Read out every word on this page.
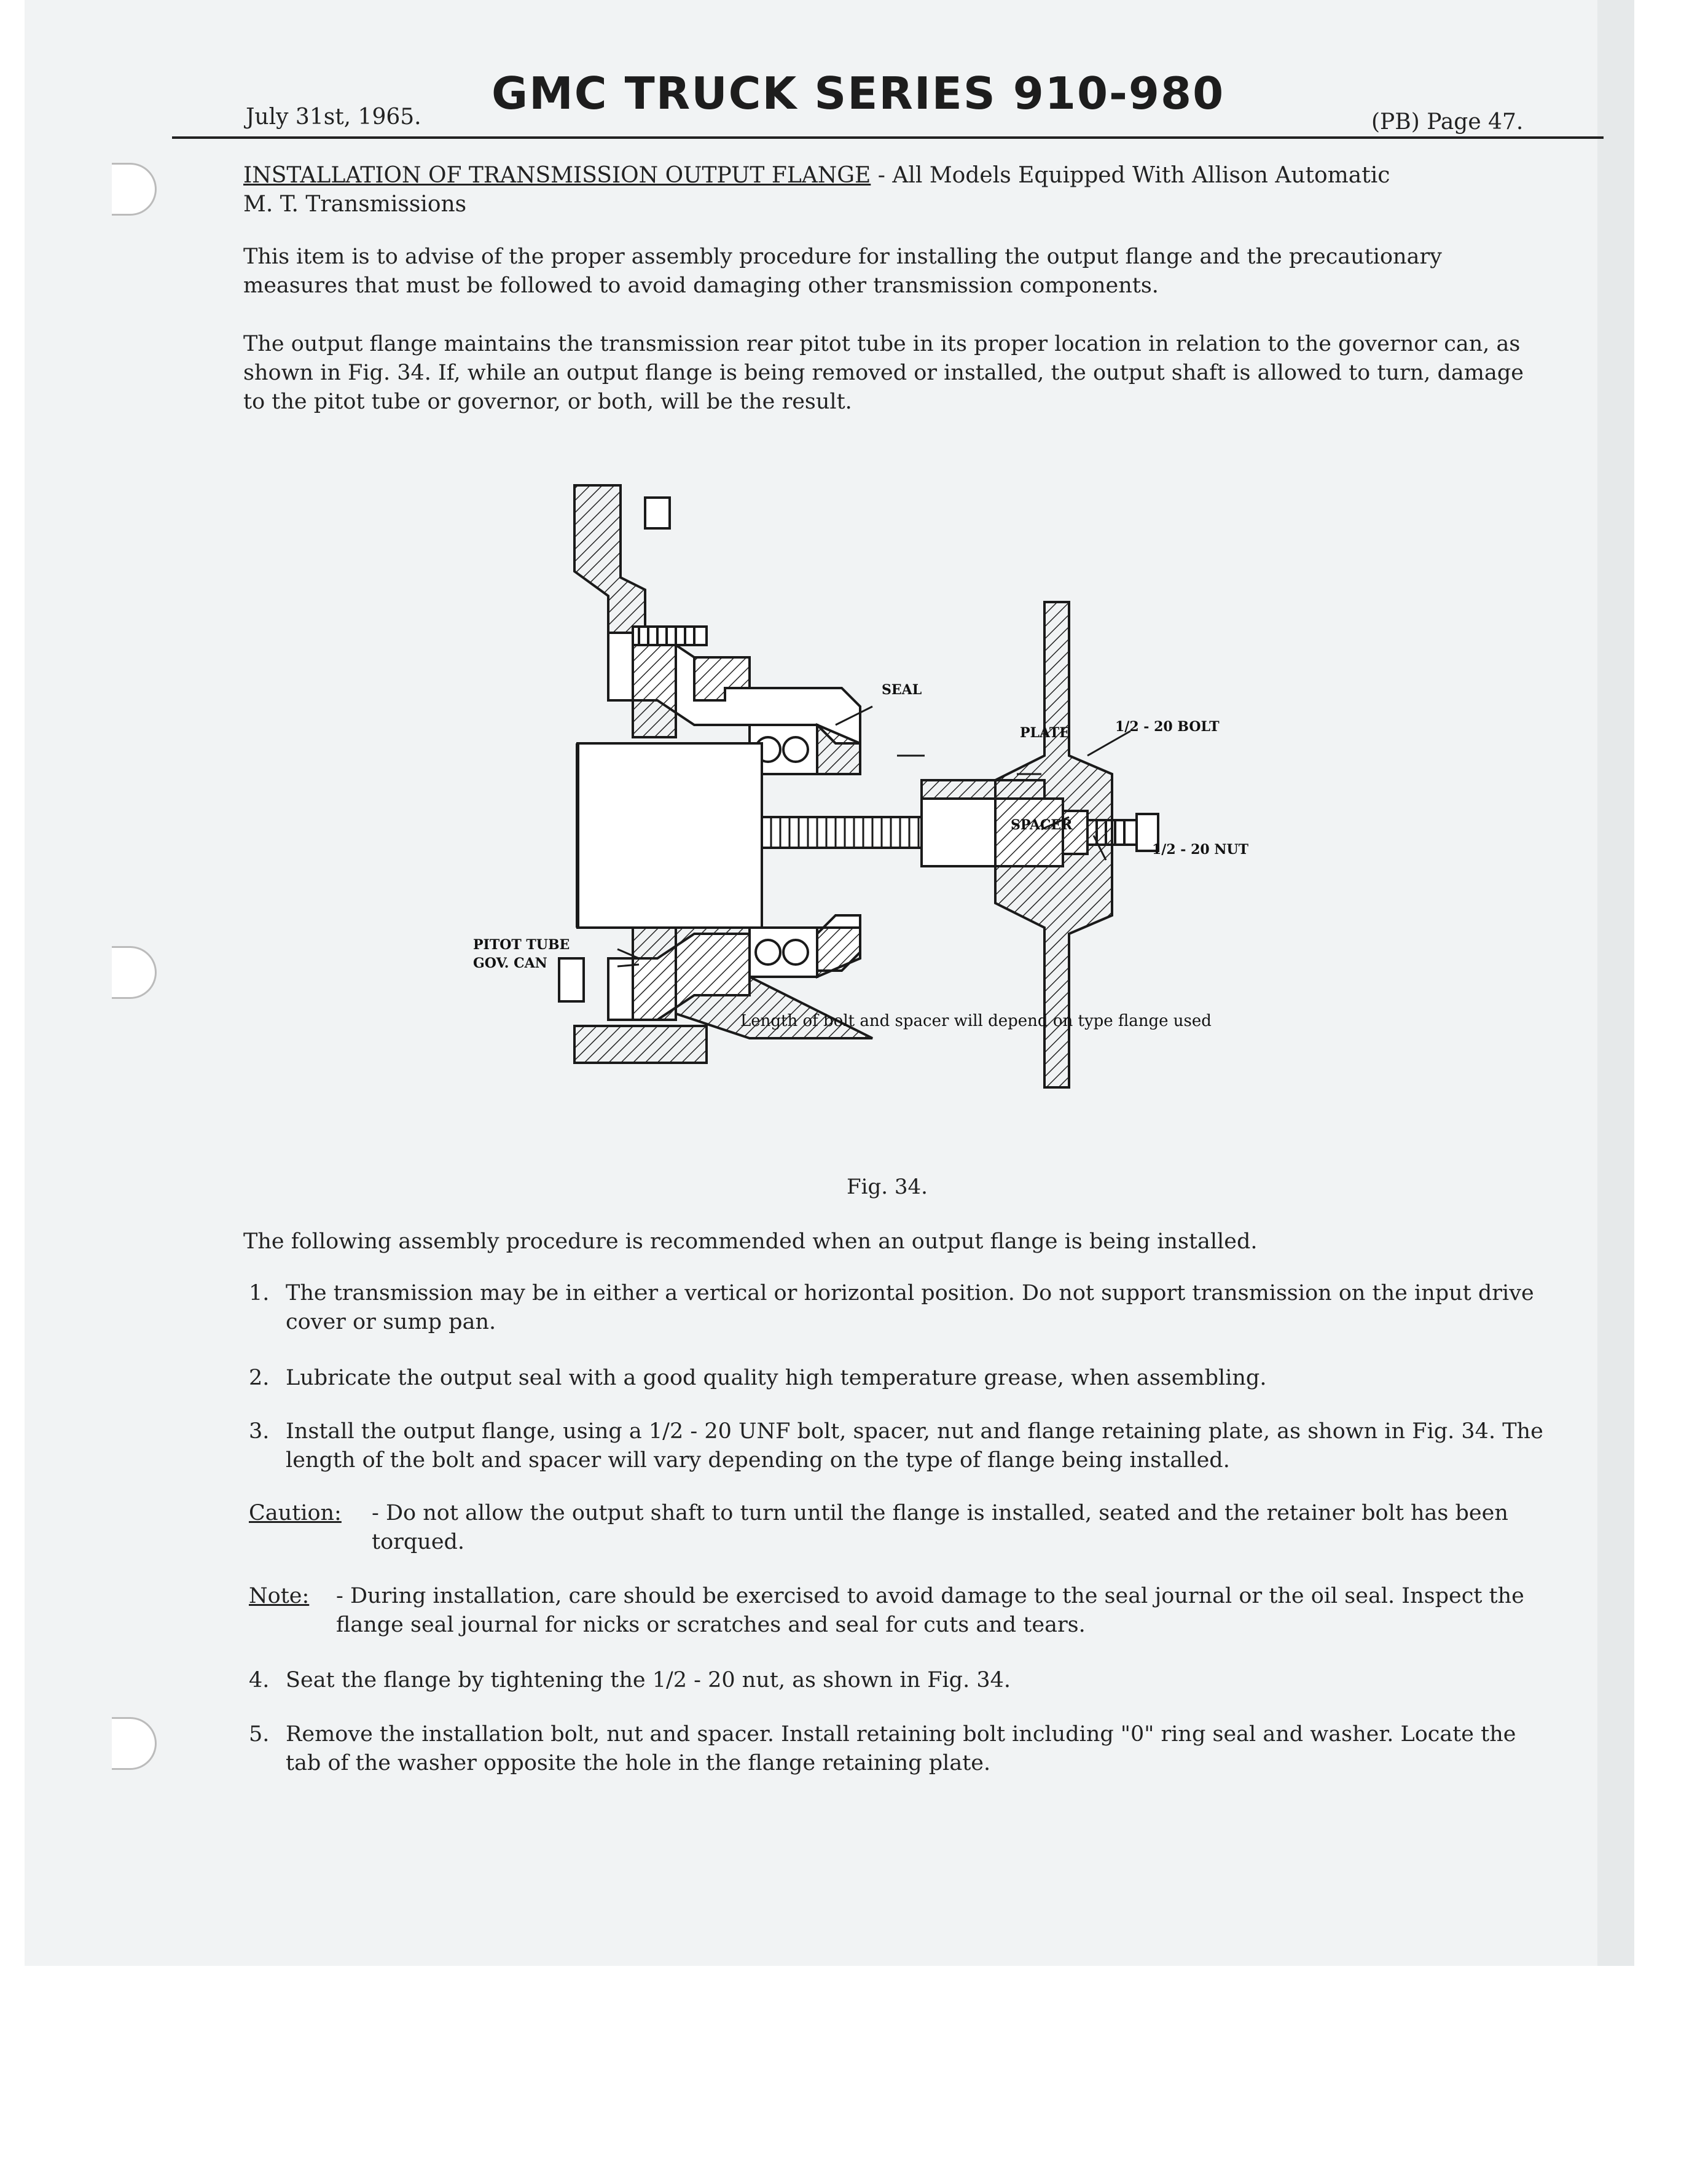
July 31st, 1965. GMC TRUCK SERIES 910-980
(PB) Page 47.
INSTALLATION OF TRANSMISSION OUTPUT FLANGE - All Models Equipped With Allison Automatic
M. T. Transmissions
This item is to advise of the proper assembly procedure for installing the output flange and the precautionary measures that must be followed to avoid damaging other transmission components.
The output flange maintains the transmission rear pitot tube in its proper location in relation to the governor can, as shown in Fig. 34. If, while an output flange is being removed or installed, the output shaft is allowed to turn, damage to the pitot tube or governor, or both, will be the result.
SEAL
PLATE	1/2 - 20 BOLT
SPACER
1/2 - 20 NUT
PITOT TUBE
GOV. CAN
Length of bolt and spacer will depend on type flange used
Fig. 34.
The following assembly procedure is recommended when an output flange is being installed.
1. The transmission may be in either a vertical or horizontal position. Do not support transmission on the input drive cover or sump pan.
2. Lubricate the output seal with a good quality high temperature grease, when assembling.
3. Install the output flange, using a 1/2 - 20 UNF bolt, spacer, nut and flange retaining plate, as shown in Fig. 34. The length of the bolt and spacer will vary depending on the type of flange being installed.
Caution: - Do not allow the output shaft to turn until the flange is installed, seated and the retainer bolt has been torqued.
Note: - During installation, care should be exercised to avoid damage to the seal journal or the oil seal. Inspect the flange seal journal for nicks or scratches and seal for cuts and tears.
4. Seat the flange by tightening the 1/2 - 20 nut, as shown in Fig. 34.
5. Remove the installation bolt, nut and spacer. Install retaining bolt including "0" ring seal and washer. Locate the tab of the washer opposite the hole in the flange retaining plate.
